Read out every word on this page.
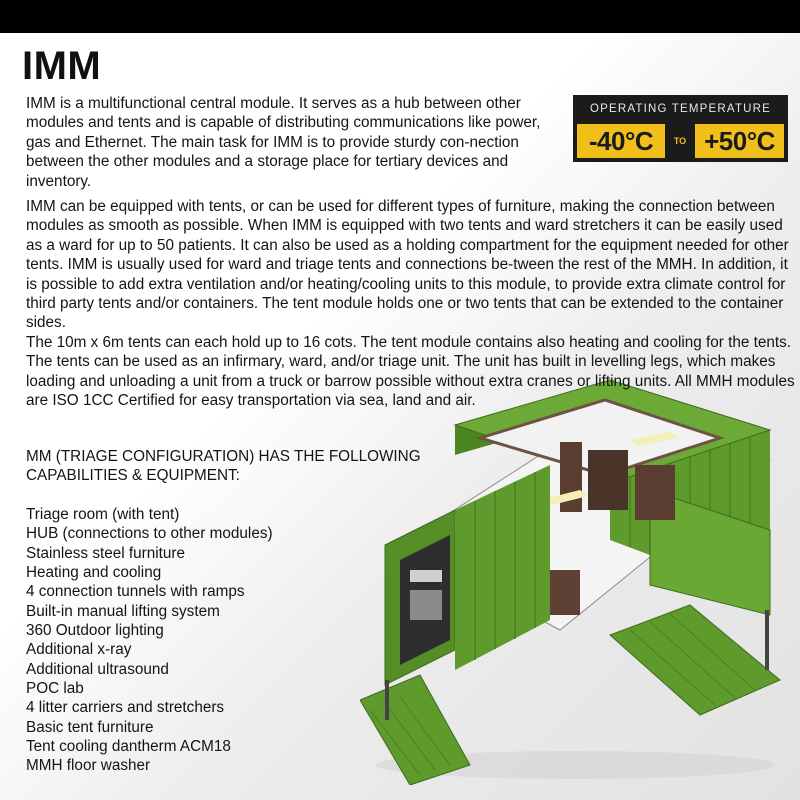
IMM

IMM is a multifunctional central module. It serves as a hub between other modules and tents and is capable of distributing communications like power, gas and Ethernet. The main task for IMM is to provide sturdy con-nection between the other modules and a storage place for tertiary devices and inventory.

OPERATING TEMPERATURE
-40°C	TO +50°C

IMM can be equipped with tents, or can be used for different types of furniture, making the connection between modules as smooth as possible. When IMM is equipped with two tents and ward stretchers it can be easily used as a ward for up to 50 patients. It can also be used as a holding compartment for the equipment needed for other tents. IMM is usually used for ward and triage tents and connections be-tween the rest of the MMH. In addition, it is possible to add extra ventilation and/or heating/cooling units to this module, to provide extra climate control for third party tents and/or containers. The tent module holds one or two tents that can be extended to the container sides.

The 10m x 6m tents can each hold up to 16 cots. The tent module contains also heating and cooling for the tents. The tents can be used as an infirmary, ward, and/or triage unit. The unit has built in levelling legs, which makes loading and unloading a unit from a truck or barrow possible without extra cranes or lifting units. All MMH modules are ISO 1CC Certified for easy transportation via sea, land and air.

MM (TRIAGE CONFIGURATION) HAS THE FOLLOWING CAPABILITIES & EQUIPMENT:

Triage room (with tent)
HUB (connections to other modules)
Stainless steel furniture
Heating and cooling
4 connection tunnels with ramps
Built-in manual lifting system
360 Outdoor lighting
Additional x-ray
Additional ultrasound
POC lab
4 litter carriers and stretchers
Basic tent furniture
Tent cooling dantherm ACM18
MMH floor washer
